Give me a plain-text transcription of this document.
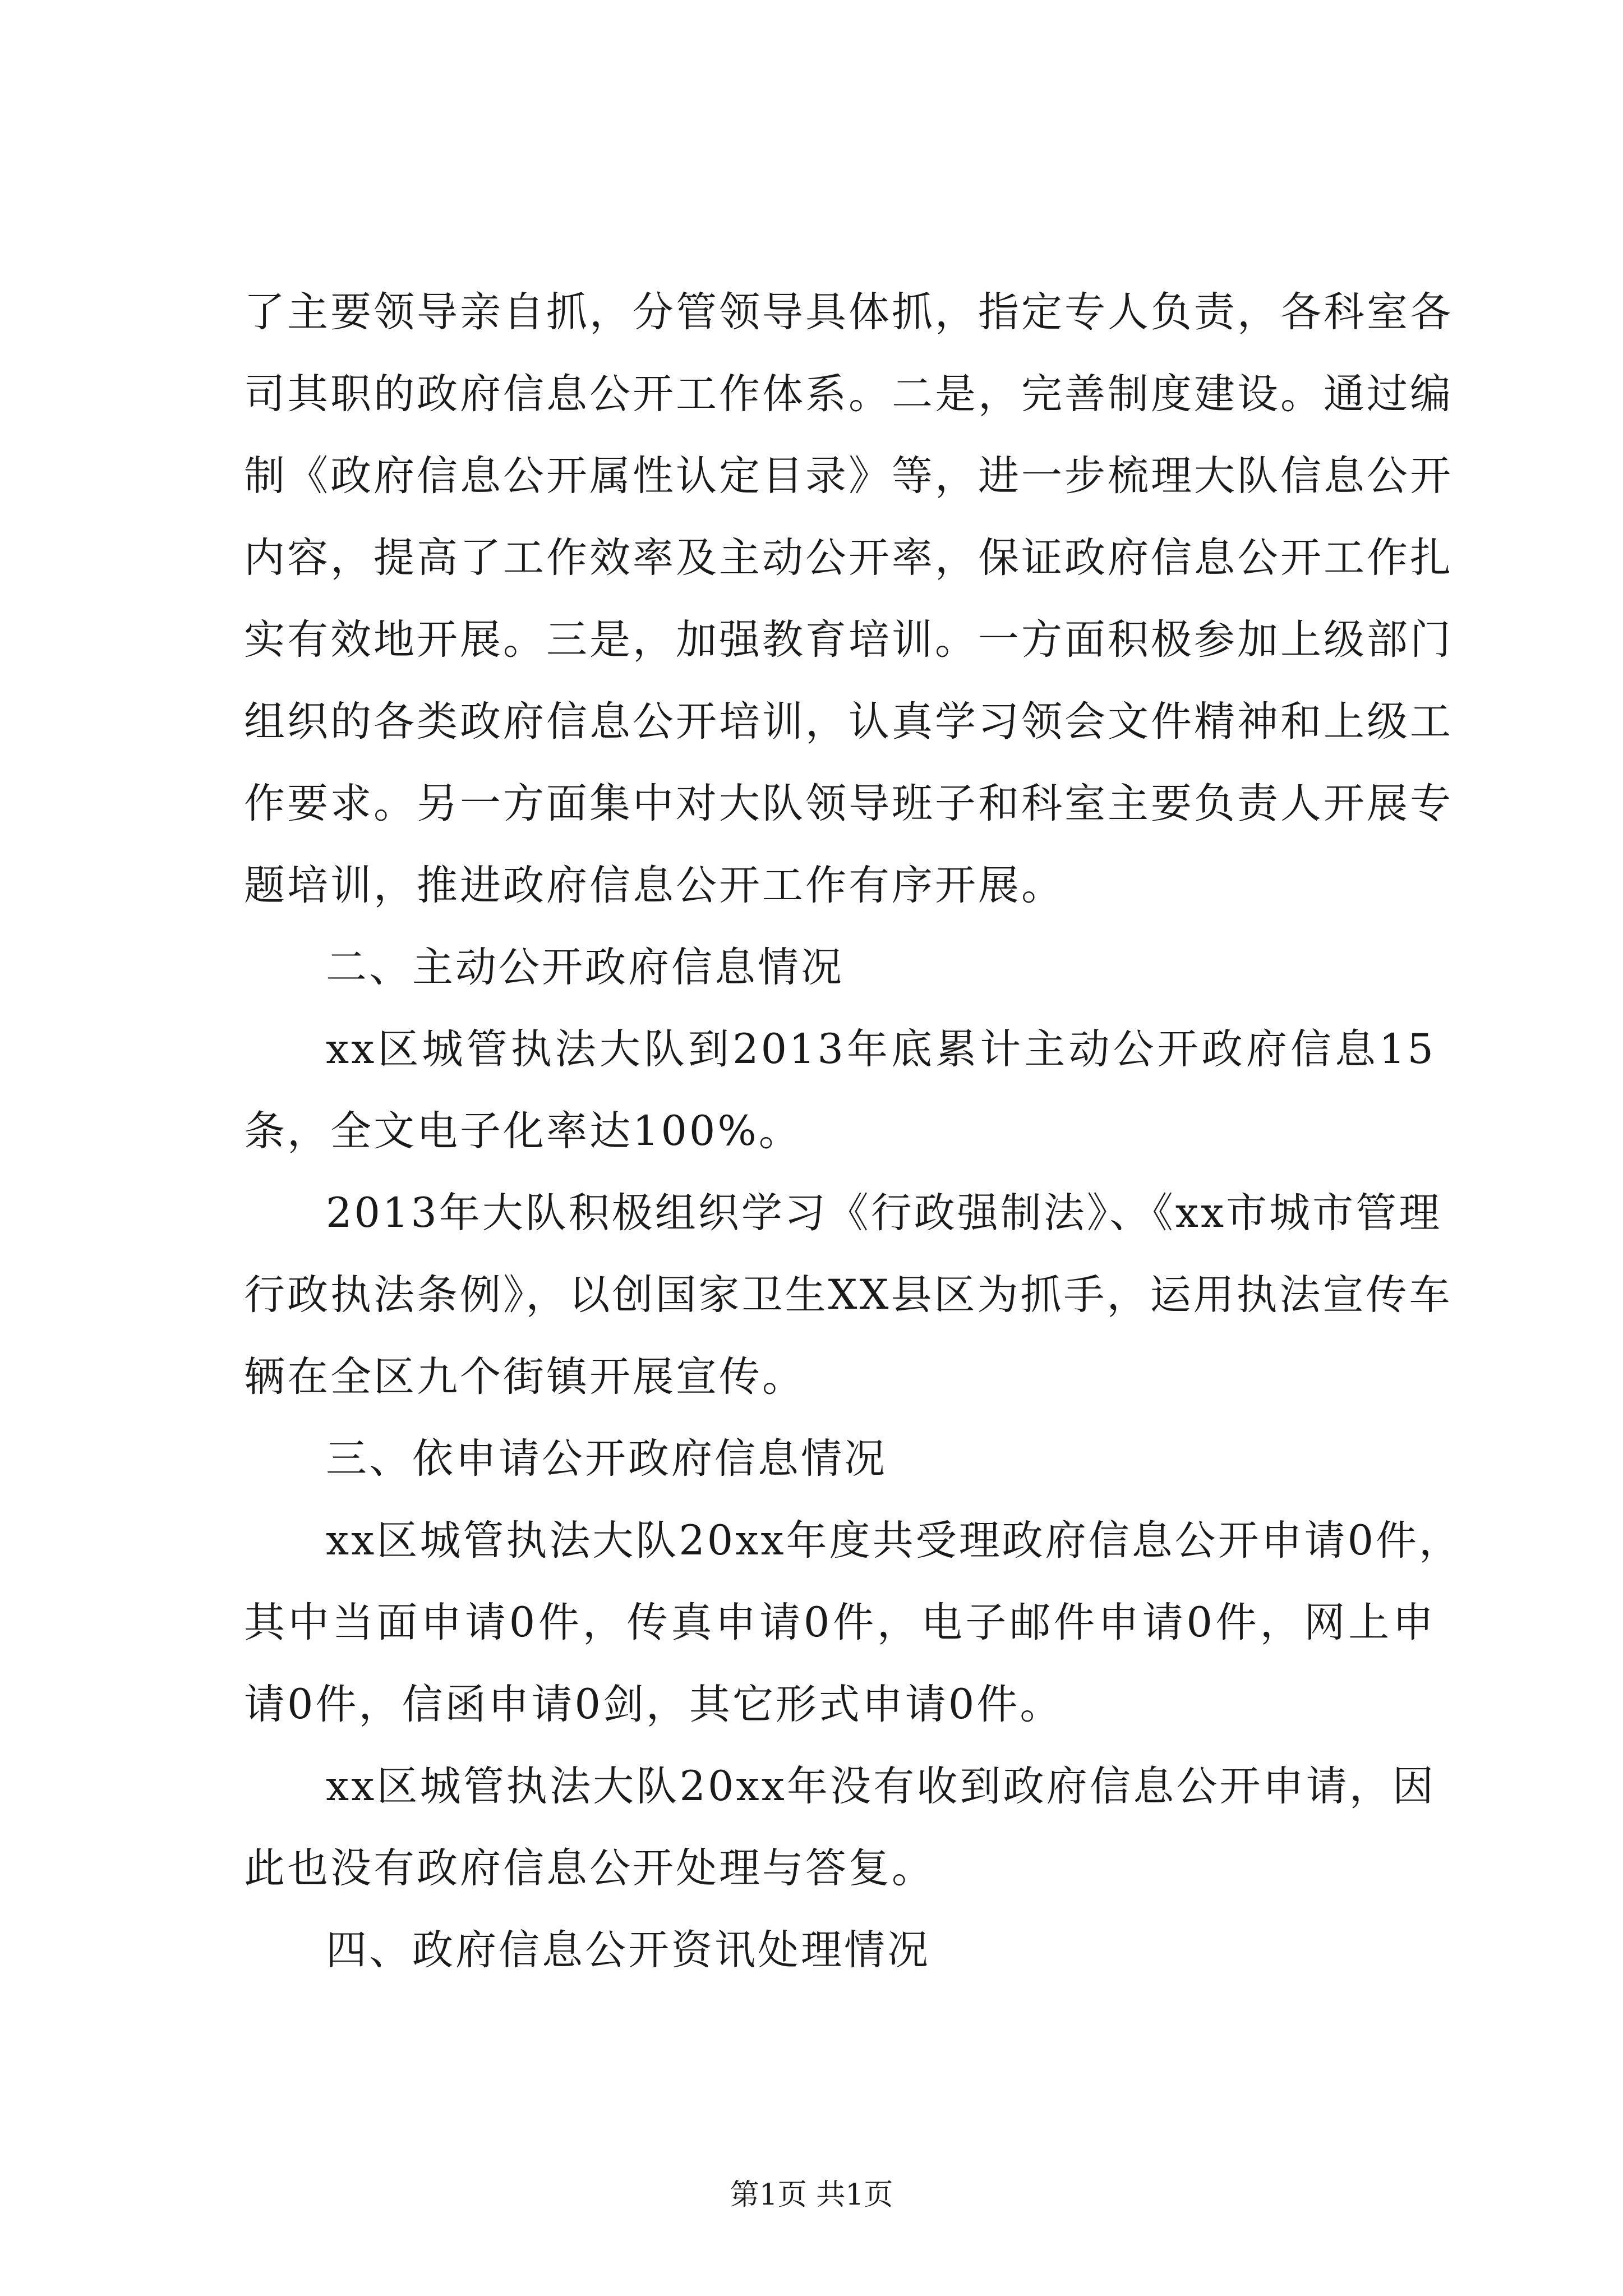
了主要领导亲自抓，分管领导具体抓，指定专人负责，各科室各
司其职的政府信息公开工作体系。二是，完善制度建设。通过编
制《政府信息公开属性认定目录》等，进一步梳理大队信息公开
内容，提高了工作效率及主动公开率，保证政府信息公开工作扎
实有效地开展。三是，加强教育培训。一方面积极参加上级部门
组织的各类政府信息公开培训，认真学习领会文件精神和上级工
作要求。另一方面集中对大队领导班子和科室主要负责人开展专
题培训，推进政府信息公开工作有序开展。
二、主动公开政府信息情况
xx区城管执法大队到2013年底累计主动公开政府信息15
条，全文电子化率达100%。
2013年大队积极组织学习《行政强制法》、《xx市城市管理
行政执法条例》，以创国家卫生XX县区为抓手，运用执法宣传车
辆在全区九个街镇开展宣传。
三、依申请公开政府信息情况
xx区城管执法大队20xx年度共受理政府信息公开申请0件，
其中当面申请0件，传真申请0件，电子邮件申请0件，网上申
请0件，信函申请0剑，其它形式申请0件。
xx区城管执法大队20xx年没有收到政府信息公开申请，因
此也没有政府信息公开处理与答复。
四、政府信息公开资讯处理情况
第1页 共1页
